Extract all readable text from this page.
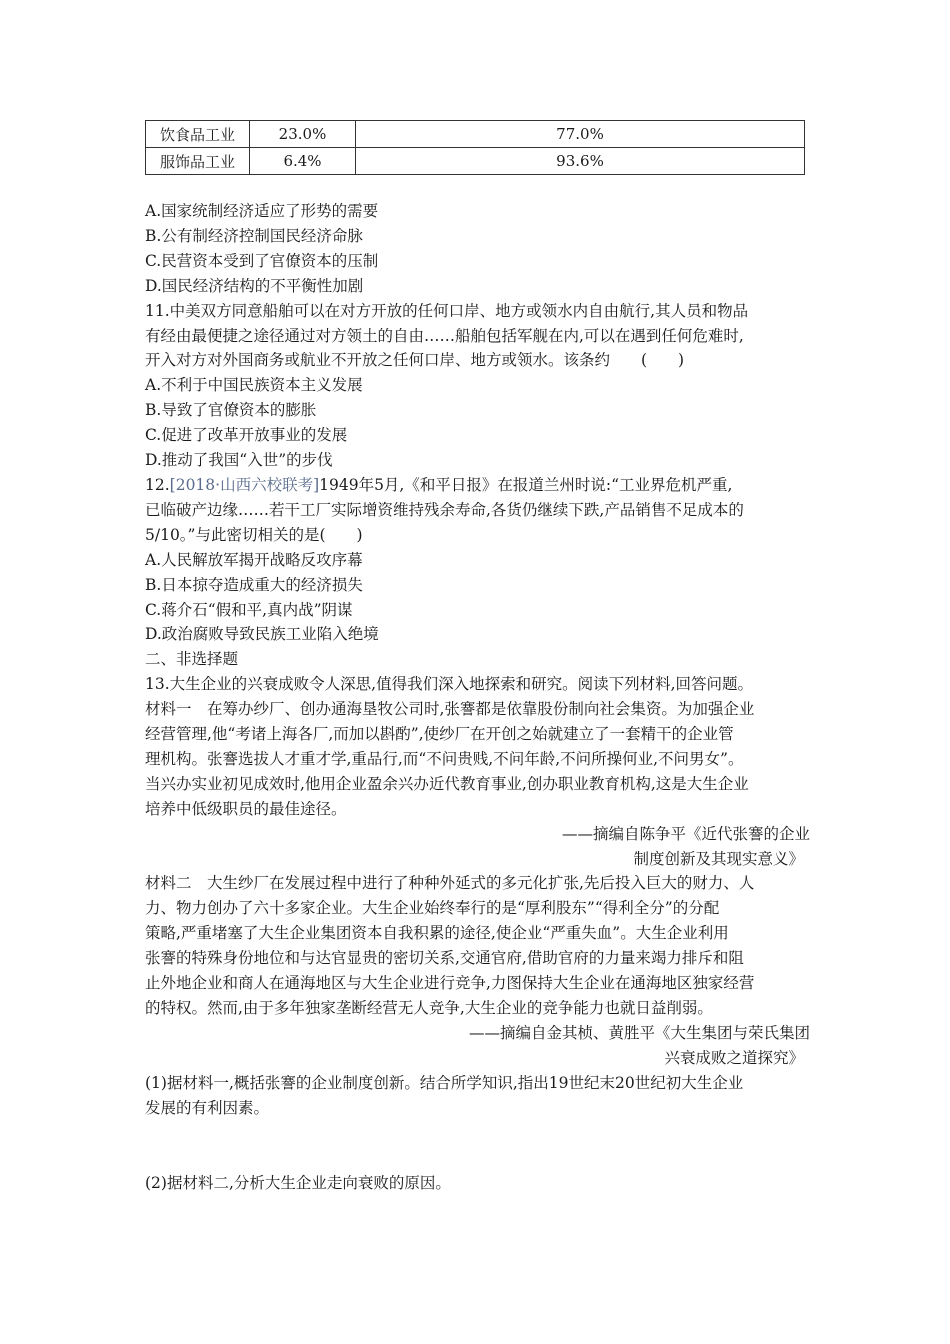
饮食品工业	23.0%	77.0%
服饰品工业	6.4%	93.6%
A.国家统制经济适应了形势的需要
B.公有制经济控制国民经济命脉
C.民营资本受到了官僚资本的压制
D.国民经济结构的不平衡性加剧
11.中美双方同意船舶可以在对方开放的任何口岸、地方或领水内自由航行,其人员和物品
有经由最便捷之途径通过对方领土的自由……船舶包括军舰在内,可以在遇到任何危难时,
开入对方对外国商务或航业不开放之任何口岸、地方或领水。该条约　　(　　)
A.不利于中国民族资本主义发展
B.导致了官僚资本的膨胀
C.促进了改革开放事业的发展
D.推动了我国“入世”的步伐
12.[2018·山西六校联考]1949年5月,《和平日报》在报道兰州时说:“工业界危机严重,
已临破产边缘……若干工厂实际增资维持残余寿命,各货仍继续下跌,产品销售不足成本的
5/10。”与此密切相关的是(　　)
A.人民解放军揭开战略反攻序幕
B.日本掠夺造成重大的经济损失
C.蒋介石“假和平,真内战”阴谋
D.政治腐败导致民族工业陷入绝境
二、非选择题
13.大生企业的兴衰成败令人深思,值得我们深入地探索和研究。阅读下列材料,回答问题。
材料一　在筹办纱厂、创办通海垦牧公司时,张謇都是依靠股份制向社会集资。为加强企业
经营管理,他“考诸上海各厂,而加以斟酌”,使纱厂在开创之始就建立了一套精干的企业管
理机构。张謇选拔人才重才学,重品行,而“不问贵贱,不问年龄,不问所操何业,不问男女”。
当兴办实业初见成效时,他用企业盈余兴办近代教育事业,创办职业教育机构,这是大生企业
培养中低级职员的最佳途径。
——摘编自陈争平《近代张謇的企业
制度创新及其现实意义》
材料二　大生纱厂在发展过程中进行了种种外延式的多元化扩张,先后投入巨大的财力、人
力、物力创办了六十多家企业。大生企业始终奉行的是“厚利股东”“得利全分”的分配
策略,严重堵塞了大生企业集团资本自我积累的途径,使企业“严重失血”。大生企业利用
张謇的特殊身份地位和与达官显贵的密切关系,交通官府,借助官府的力量来竭力排斥和阻
止外地企业和商人在通海地区与大生企业进行竞争,力图保持大生企业在通海地区独家经营
的特权。然而,由于多年独家垄断经营无人竞争,大生企业的竞争能力也就日益削弱。
——摘编自金其桢、黄胜平《大生集团与荣氏集团
兴衰成败之道探究》
(1)据材料一,概括张謇的企业制度创新。结合所学知识,指出19世纪末20世纪初大生企业
发展的有利因素。
(2)据材料二,分析大生企业走向衰败的原因。
